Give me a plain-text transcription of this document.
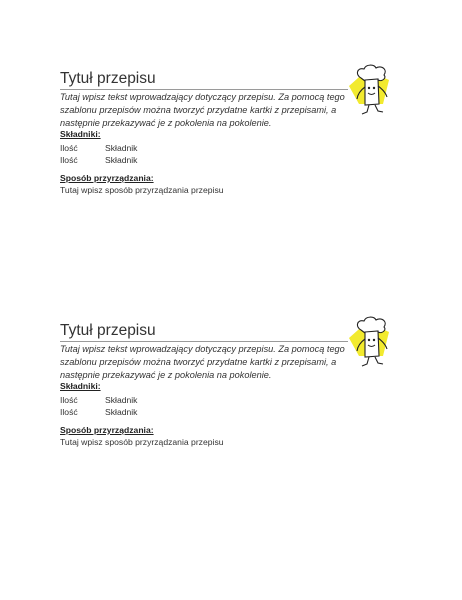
Tytuł przepisu
Tutaj wpisz tekst wprowadzający dotyczący przepisu. Za pomocą tego szablonu przepisów można tworzyć przydatne kartki z przepisami, a następnie przekazywać je z pokolenia na pokolenie.
Składniki:
Ilość	Składnik
Ilość	Składnik
Sposób przyrządzania:
Tutaj wpisz sposób przyrządzania przepisu
Tytuł przepisu
Tutaj wpisz tekst wprowadzający dotyczący przepisu. Za pomocą tego szablonu przepisów można tworzyć przydatne kartki z przepisami, a następnie przekazywać je z pokolenia na pokolenie.
Składniki:
Ilość	Składnik
Ilość	Składnik
Sposób przyrządzania:
Tutaj wpisz sposób przyrządzania przepisu
